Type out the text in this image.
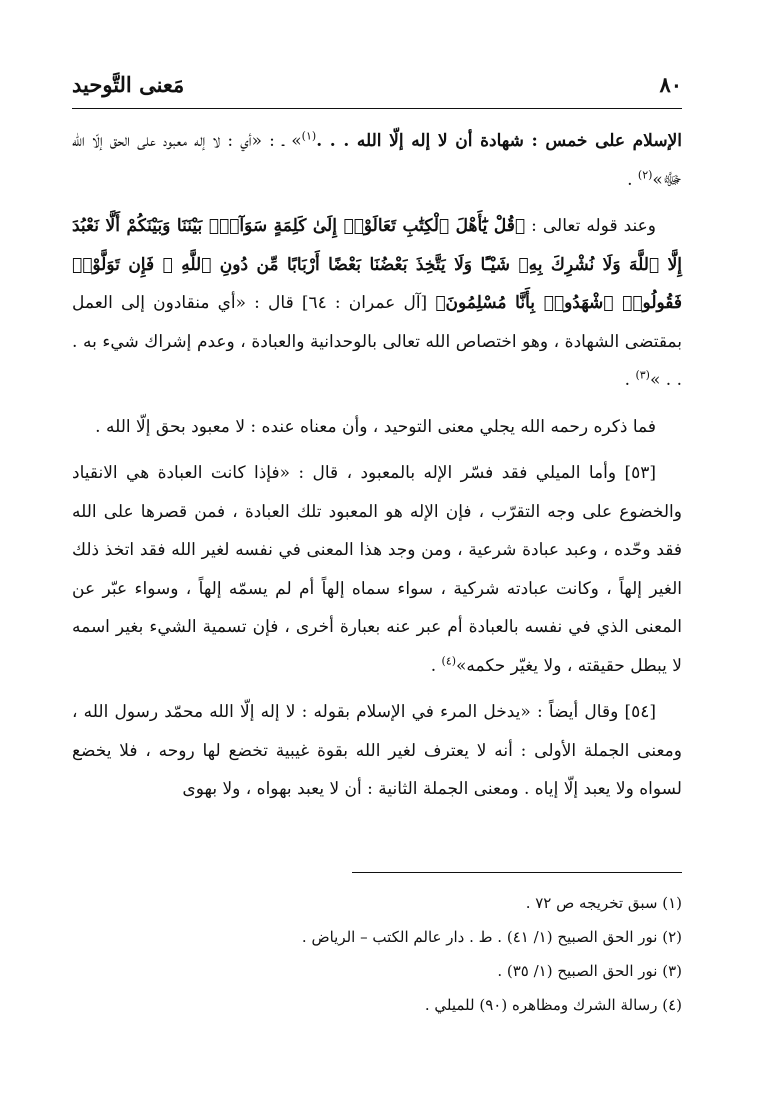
٨٠
مَعنى التَّوحيد

الإسلام على خمس : شهادة أن لا إله إلّا الله . . .$^{(١)}$» ـ : «أي : لا إله معبود على الحق إلّا الله ﷻ»$^{(٢)}$ .

وعند قوله تعالى : ﴿قُلْ يَٰٓأَهْلَ ٱلْكِتَٰبِ تَعَالَوْا۟ إِلَىٰ كَلِمَةٍ سَوَآءٍۭ بَيْنَنَا وَبَيْنَكُمْ أَلَّا نَعْبُدَ إِلَّا ٱللَّهَ وَلَا نُشْرِكَ بِهِۦ شَيْـًٔا وَلَا يَتَّخِذَ بَعْضُنَا بَعْضًا أَرْبَابًا مِّن دُونِ ٱللَّهِ ۚ فَإِن تَوَلَّوْا۟ فَقُولُوا۟ ٱشْهَدُوا۟ بِأَنَّا مُسْلِمُونَ﴾ [آل عمران : ٦٤] قال : «أي منقادون إلى العمل بمقتضى الشهادة ، وهو اختصاص الله تعالى بالوحدانية والعبادة ، وعدم إشراك شيء به . . . »$^{(٣)}$ .

فما ذكره رحمه الله يجلي معنى التوحيد ، وأن معناه عنده : لا معبود بحق إلّا الله .

[٥٣] وأما الميلي فقد فسّر الإله بالمعبود ، قال : «فإذا كانت العبادة هي الانقياد والخضوع على وجه التقرّب ، فإن الإله هو المعبود تلك العبادة ، فمن قصرها على الله فقد وحّده ، وعبد عبادة شرعية ، ومن وجد هذا المعنى في نفسه لغير الله فقد اتخذ ذلك الغير إلهاً ، وكانت عبادته شركية ، سواء سماه إلهاً أم لم يسمّه إلهاً ، وسواء عبّر عن المعنى الذي في نفسه بالعبادة أم عبر عنه بعبارة أخرى ، فإن تسمية الشيء بغير اسمه لا يبطل حقيقته ، ولا يغيّر حكمه»$^{(٤)}$ .

[٥٤] وقال أيضاً : «يدخل المرء في الإسلام بقوله : لا إله إلّا الله محمّد رسول الله ، ومعنى الجملة الأولى : أنه لا يعترف لغير الله بقوة غيبية تخضع لها روحه ، فلا يخضع لسواه ولا يعبد إلّا إياه . ومعنى الجملة الثانية : أن لا يعبد بهواه ، ولا بهوى

(١) سبق تخريجه ص ٧٢ .

(٢) نور الحق الصبيح (١/ ٤١) . ط . دار عالم الكتب – الرياض .

(٣) نور الحق الصبيح (١/ ٣٥) .

(٤) رسالة الشرك ومظاهره (٩٠) للميلي .
